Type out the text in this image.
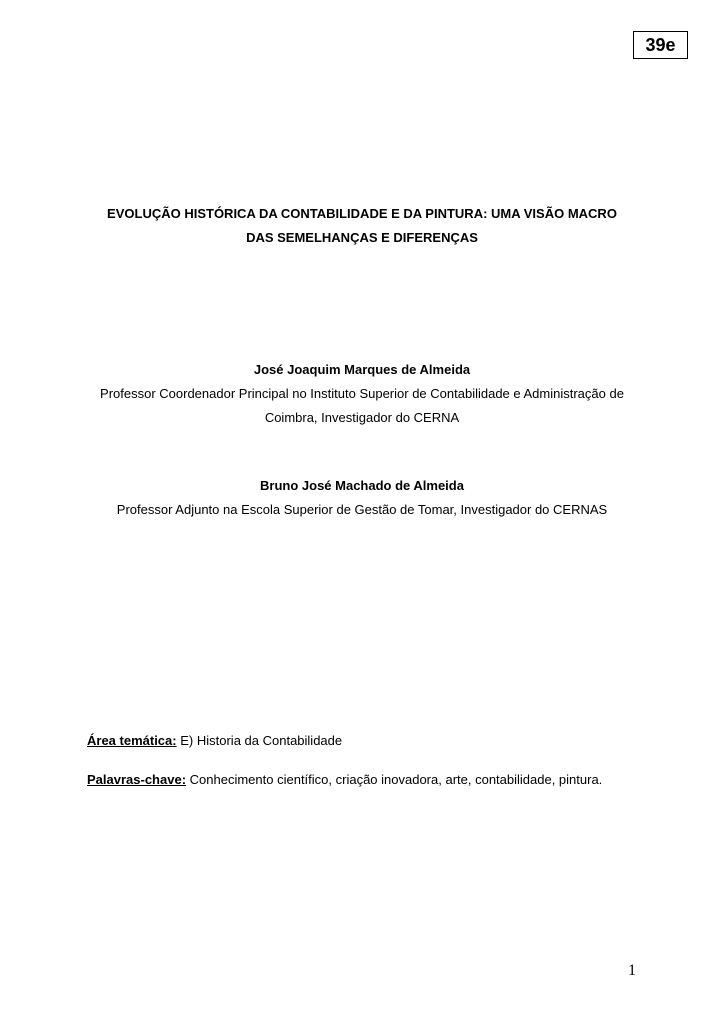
39e
EVOLUÇÃO HISTÓRICA DA CONTABILIDADE E DA PINTURA: UMA VISÃO MACRO
DAS SEMELHANÇAS E DIFERENÇAS
José Joaquim Marques de Almeida
Professor Coordenador Principal no Instituto Superior de Contabilidade e Administração de
Coimbra, Investigador do CERNA
Bruno José Machado de Almeida
Professor Adjunto na Escola Superior de Gestão de Tomar, Investigador do CERNAS
Área temática: E) Historia da Contabilidade
Palavras-chave: Conhecimento científico, criação inovadora, arte, contabilidade, pintura.
1
